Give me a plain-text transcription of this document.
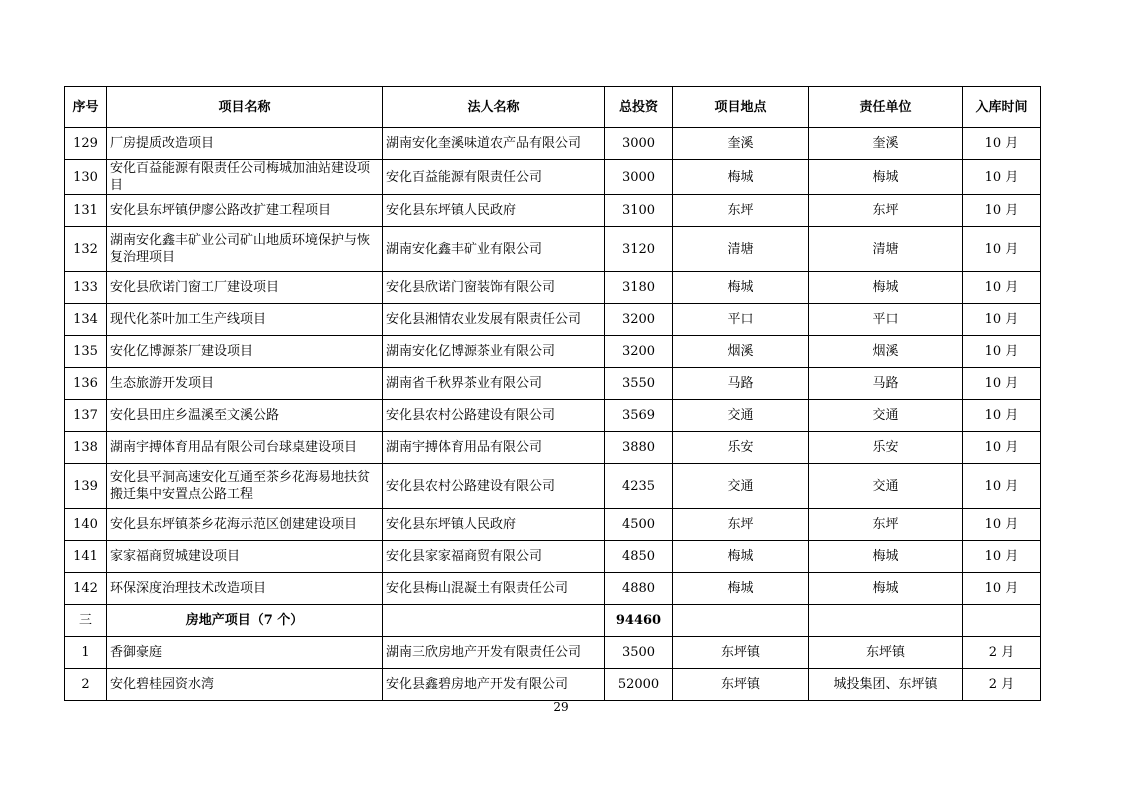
序号	项目名称	法人名称	总投资	项目地点	责任单位	入库时间
129	厂房提质改造项目	湖南安化奎溪味道农产品有限公司	3000	奎溪	奎溪	10 月
130	安化百益能源有限责任公司梅城加油站建设项目	安化百益能源有限责任公司	3000	梅城	梅城	10 月
131	安化县东坪镇伊廖公路改扩建工程项目	安化县东坪镇人民政府	3100	东坪	东坪	10 月
132	湖南安化鑫丰矿业公司矿山地质环境保护与恢复治理项目	湖南安化鑫丰矿业有限公司	3120	清塘	清塘	10 月
133	安化县欣诺门窗工厂建设项目	安化县欣诺门窗装饰有限公司	3180	梅城	梅城	10 月
134	现代化茶叶加工生产线项目	安化县湘情农业发展有限责任公司	3200	平口	平口	10 月
135	安化亿博源茶厂建设项目	湖南安化亿博源茶业有限公司	3200	烟溪	烟溪	10 月
136	生态旅游开发项目	湖南省千秋界茶业有限公司	3550	马路	马路	10 月
137	安化县田庄乡温溪至文溪公路	安化县农村公路建设有限公司	3569	交通	交通	10 月
138	湖南宇搏体育用品有限公司台球桌建设项目	湖南宇搏体育用品有限公司	3880	乐安	乐安	10 月
139	安化县平洞高速安化互通至茶乡花海易地扶贫搬迁集中安置点公路工程	安化县农村公路建设有限公司	4235	交通	交通	10 月
140	安化县东坪镇茶乡花海示范区创建建设项目	安化县东坪镇人民政府	4500	东坪	东坪	10 月
141	家家福商贸城建设项目	安化县家家福商贸有限公司	4850	梅城	梅城	10 月
142	环保深度治理技术改造项目	安化县梅山混凝土有限责任公司	4880	梅城	梅城	10 月
三	房地产项目（7 个）		94460			
1	香御豪庭	湖南三欣房地产开发有限责任公司	3500	东坪镇	东坪镇	2 月
2	安化碧桂园资水湾	安化县鑫碧房地产开发有限公司	52000	东坪镇	城投集团、东坪镇	2 月
29
